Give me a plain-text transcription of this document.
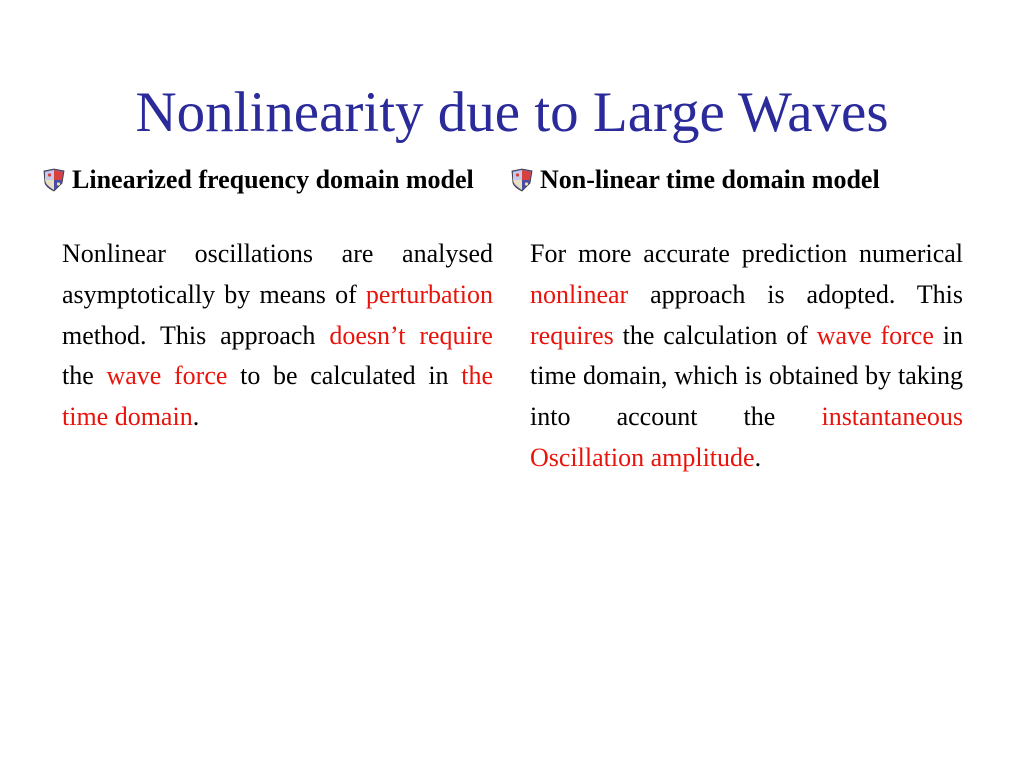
Nonlinearity due to Large Waves
Linearized frequency domain model
Nonlinear oscillations are analysed asymptotically by means of perturbation method. This approach doesn’t require the wave force to be calculated in the time domain.
Non-linear time domain model
For more accurate prediction numerical nonlinear approach is adopted. This requires the calculation of wave force in time domain, which is obtained by taking into account the instantaneous Oscillation amplitude.
